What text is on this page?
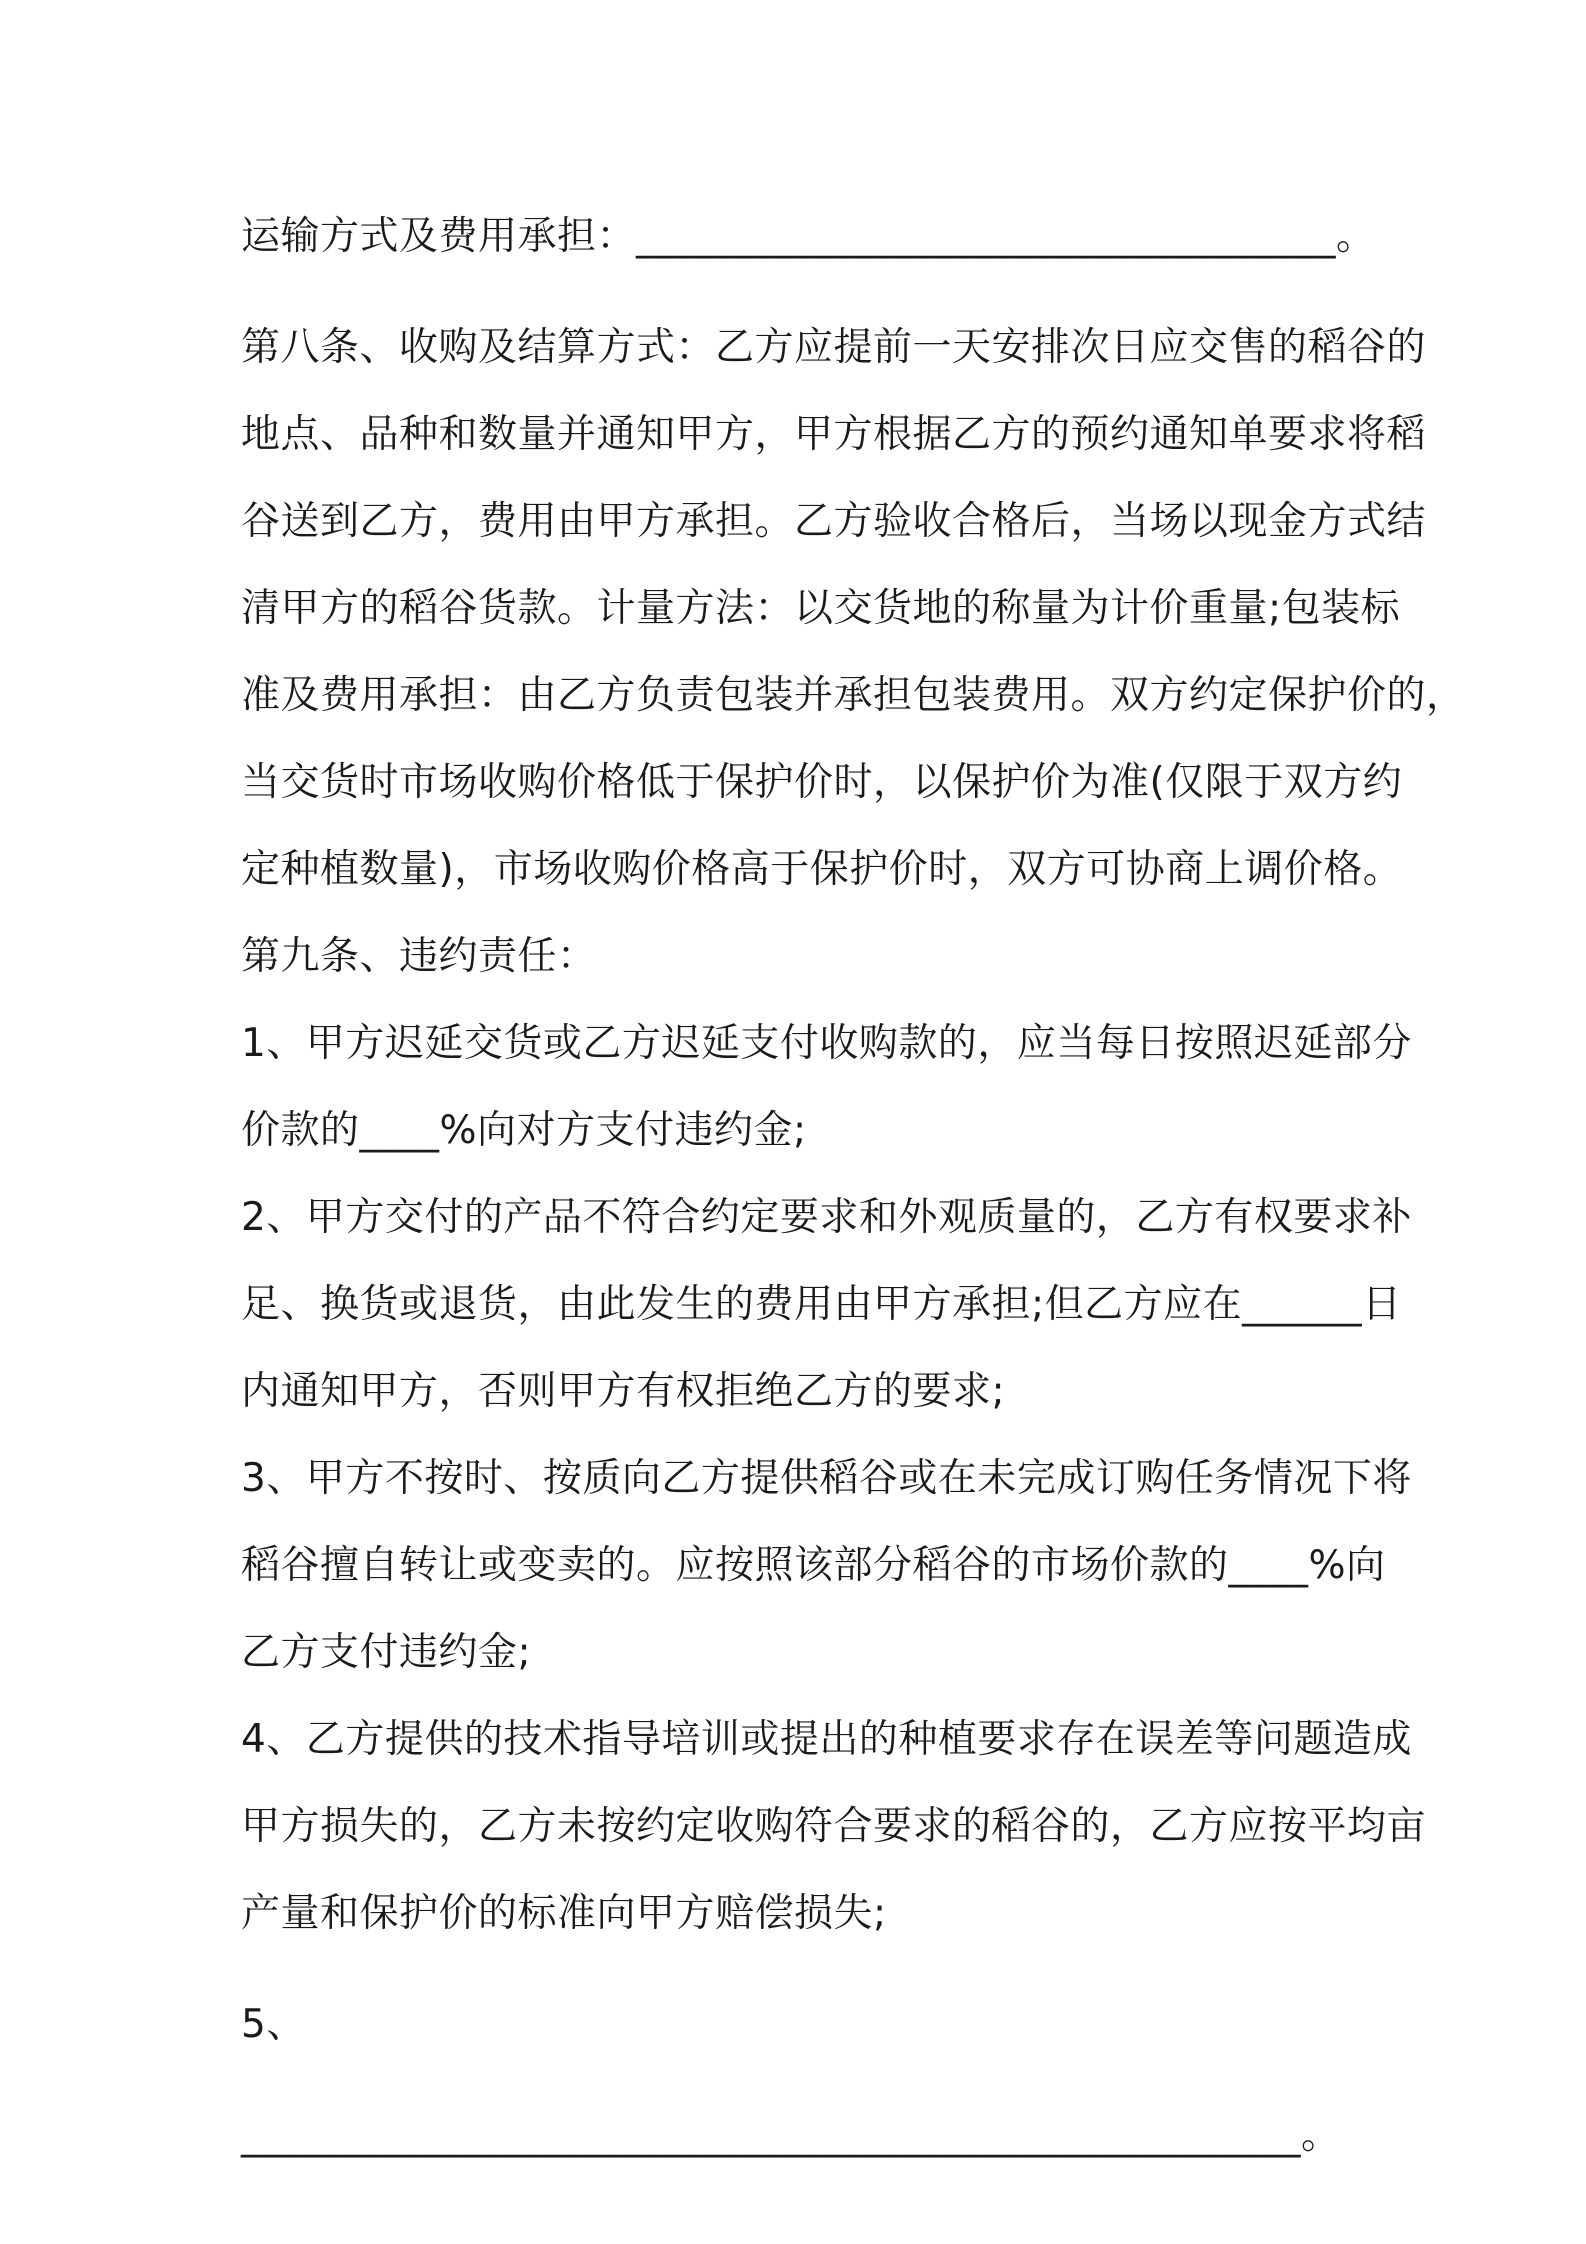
运输方式及费用承担：___________________________________。
第八条、收购及结算方式：乙方应提前一天安排次日应交售的稻谷的
地点、品种和数量并通知甲方，甲方根据乙方的预约通知单要求将稻
谷送到乙方，费用由甲方承担。乙方验收合格后，当场以现金方式结
清甲方的稻谷货款。计量方法：以交货地的称量为计价重量;包装标
准及费用承担：由乙方负责包装并承担包装费用。双方约定保护价的，
当交货时市场收购价格低于保护价时，以保护价为准(仅限于双方约
定种植数量)，市场收购价格高于保护价时，双方可协商上调价格。
第九条、违约责任：
1、甲方迟延交货或乙方迟延支付收购款的，应当每日按照迟延部分
价款的____%向对方支付违约金;
2、甲方交付的产品不符合约定要求和外观质量的，乙方有权要求补
足、换货或退货，由此发生的费用由甲方承担;但乙方应在______日
内通知甲方，否则甲方有权拒绝乙方的要求;
3、甲方不按时、按质向乙方提供稻谷或在未完成订购任务情况下将
稻谷擅自转让或变卖的。应按照该部分稻谷的市场价款的____%向
乙方支付违约金;
4、乙方提供的技术指导培训或提出的种植要求存在误差等问题造成
甲方损失的，乙方未按约定收购符合要求的稻谷的，乙方应按平均亩
产量和保护价的标准向甲方赔偿损失;
5、
_____________________________________________________。
